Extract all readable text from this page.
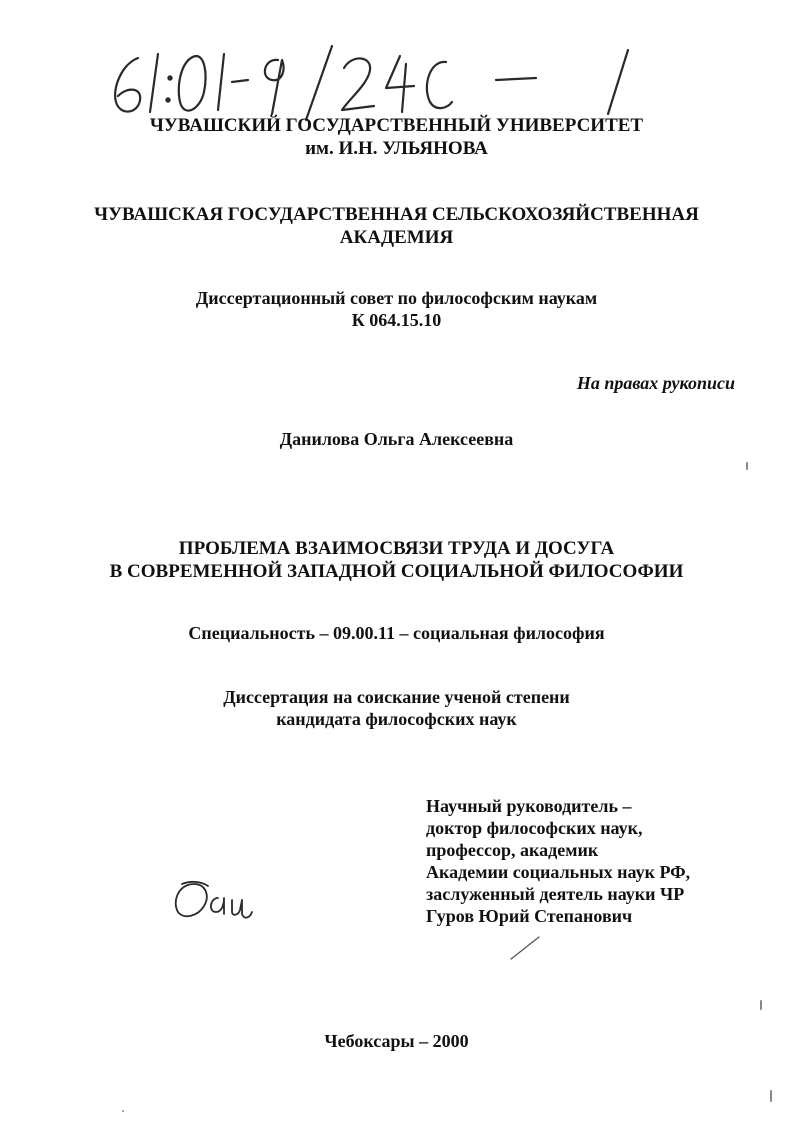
ЧУВАШСКИЙ ГОСУДАРСТВЕННЫЙ УНИВЕРСИТЕТ
им. И.Н. УЛЬЯНОВА
ЧУВАШСКАЯ ГОСУДАРСТВЕННАЯ СЕЛЬСКОХОЗЯЙСТВЕННАЯ
АКАДЕМИЯ
Диссертационный совет по философским наукам
К 064.15.10
На правах рукописи
Данилова Ольга Алексеевна
ПРОБЛЕМА ВЗАИМОСВЯЗИ ТРУДА И ДОСУГА
В СОВРЕМЕННОЙ ЗАПАДНОЙ СОЦИАЛЬНОЙ ФИЛОСОФИИ
Специальность – 09.00.11 – социальная философия
Диссертация на соискание ученой степени
кандидата философских наук
Научный руководитель –
доктор философских наук,
профессор, академик
Академии социальных наук РФ,
заслуженный деятель науки ЧР
Гуров Юрий Степанович
Чебоксары – 2000
